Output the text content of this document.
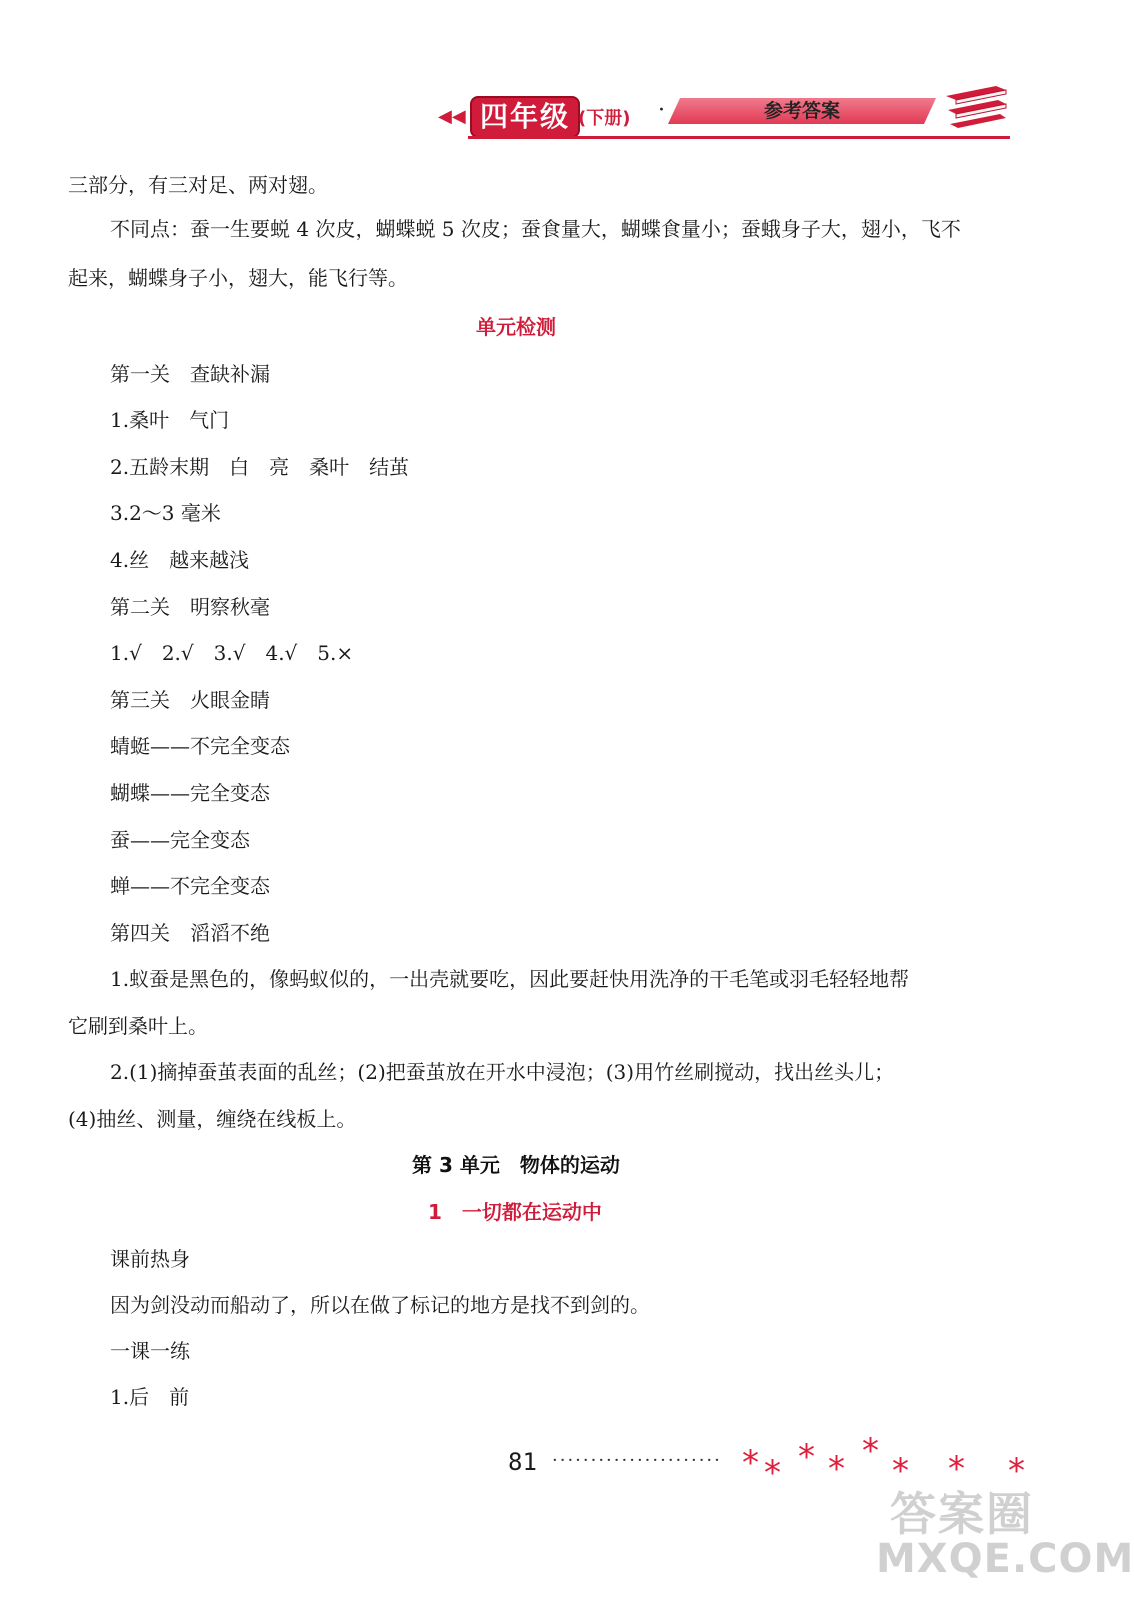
◀◀ 四年级 (下册) ·	参考答案
三部分，有三对足、两对翅。
不同点：蚕一生要蜕 4 次皮，蝴蝶蜕 5 次皮；蚕食量大，蝴蝶食量小；蚕蛾身子大，翅小，飞不
起来，蝴蝶身子小，翅大，能飞行等。
单元检测
第一关　查缺补漏
1.桑叶　气门
2.五龄末期　白　亮　桑叶　结茧
3.2～3 毫米
4.丝　越来越浅
第二关　明察秋毫
1.√　2.√　3.√　4.√　5.×
第三关　火眼金睛
蜻蜓——不完全变态
蝴蝶——完全变态
蚕——完全变态
蝉——不完全变态
第四关　滔滔不绝
1.蚁蚕是黑色的，像蚂蚁似的，一出壳就要吃，因此要赶快用洗净的干毛笔或羽毛轻轻地帮
它刷到桑叶上。
2.(1)摘掉蚕茧表面的乱丝；(2)把蚕茧放在开水中浸泡；(3)用竹丝刷搅动，找出丝头儿；
(4)抽丝、测量，缠绕在线板上。
第 3 单元　物体的运动
1　一切都在运动中
课前热身
因为剑没动而船动了，所以在做了标记的地方是找不到剑的。
一课一练
1.后　前
81 ······················ * * * * * * * *
答案圈
MXQE.COM
